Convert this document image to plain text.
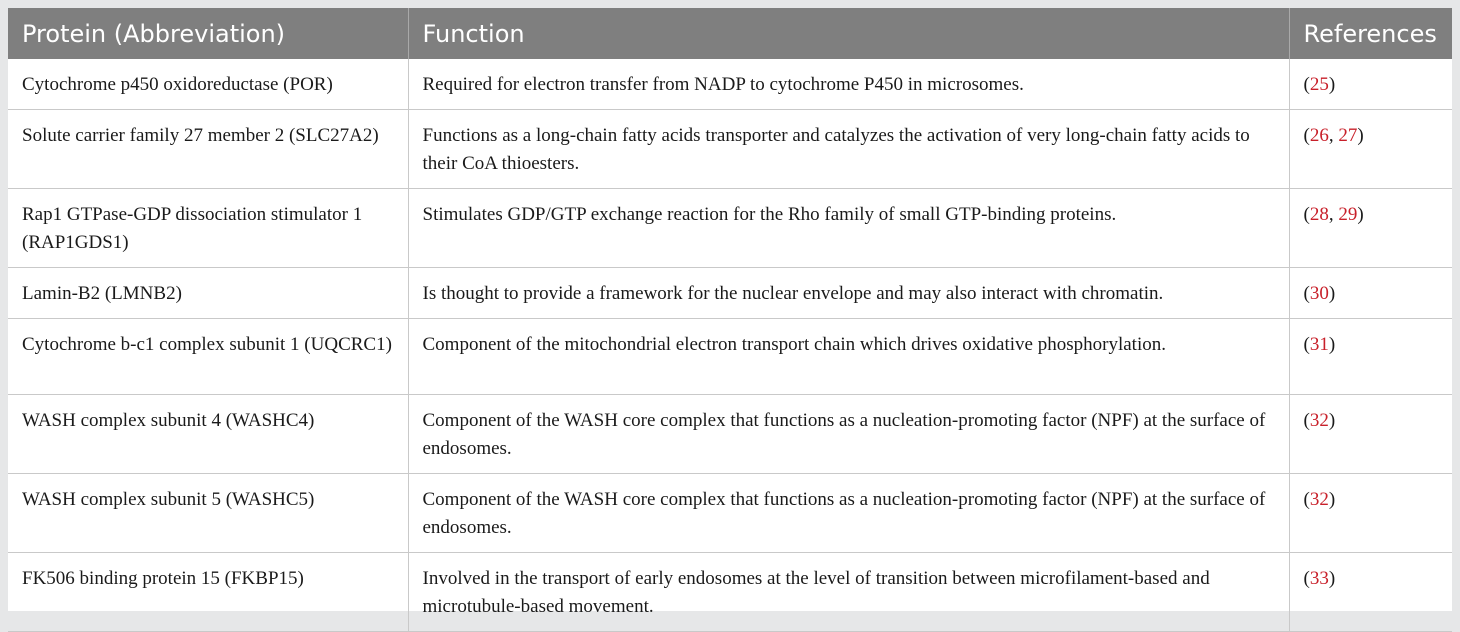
Protein (Abbreviation)	Function	References
Cytochrome p450 oxidoreductase (POR)	Required for electron transfer from NADP to cytochrome P450 in microsomes.	(25)
Solute carrier family 27 member 2 (SLC27A2)	Functions as a long-chain fatty acids transporter and catalyzes the activation of very long-chain fatty acids to their CoA thioesters.	(26, 27)
Rap1 GTPase-GDP dissociation stimulator 1 (RAP1GDS1)	Stimulates GDP/GTP exchange reaction for the Rho family of small GTP-binding proteins.	(28, 29)
Lamin-B2 (LMNB2)	Is thought to provide a framework for the nuclear envelope and may also interact with chromatin.	(30)
Cytochrome b-c1 complex subunit 1 (UQCRC1)	Component of the mitochondrial electron transport chain which drives oxidative phosphorylation.	(31)
WASH complex subunit 4 (WASHC4)	Component of the WASH core complex that functions as a nucleation-promoting factor (NPF) at the surface of endosomes.	(32)
WASH complex subunit 5 (WASHC5)	Component of the WASH core complex that functions as a nucleation-promoting factor (NPF) at the surface of endosomes.	(32)
FK506 binding protein 15 (FKBP15)	Involved in the transport of early endosomes at the level of transition between microfilament-based and microtubule-based movement.	(33)
